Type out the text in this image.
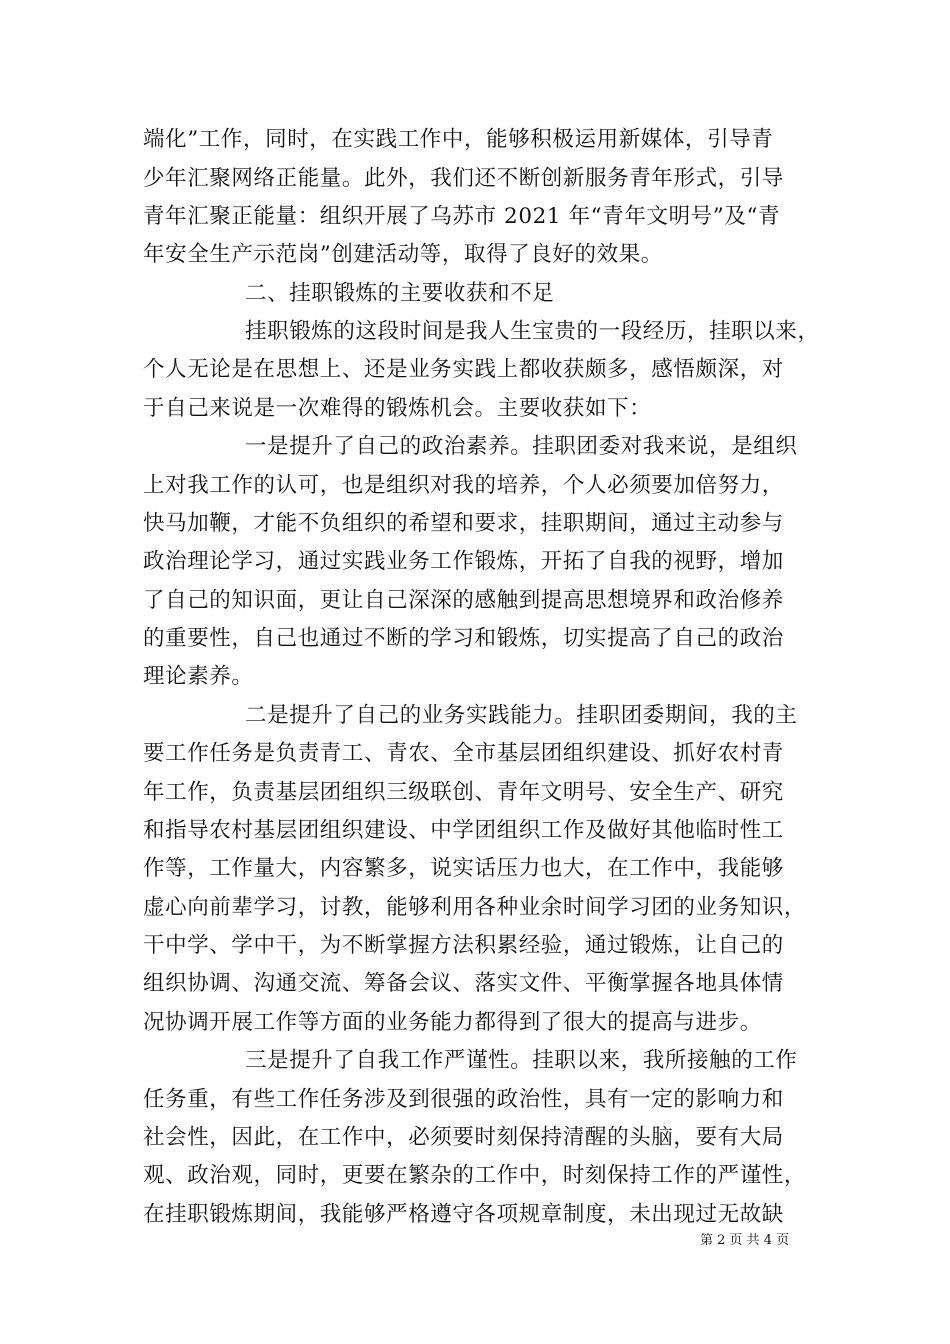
端化”工作，同时，在实践工作中，能够积极运用新媒体，引导青
少年汇聚网络正能量。此外，我们还不断创新服务青年形式，引导
青年汇聚正能量：组织开展了乌苏市 2021 年“青年文明号”及“青
年安全生产示范岗”创建活动等，取得了良好的效果。
二、挂职锻炼的主要收获和不足
挂职锻炼的这段时间是我人生宝贵的一段经历，挂职以来，
个人无论是在思想上、还是业务实践上都收获颇多，感悟颇深，对
于自己来说是一次难得的锻炼机会。主要收获如下：
一是提升了自己的政治素养。挂职团委对我来说，是组织
上对我工作的认可，也是组织对我的培养，个人必须要加倍努力，
快马加鞭，才能不负组织的希望和要求，挂职期间，通过主动参与
政治理论学习，通过实践业务工作锻炼，开拓了自我的视野，增加
了自己的知识面，更让自己深深的感触到提高思想境界和政治修养
的重要性，自己也通过不断的学习和锻炼，切实提高了自己的政治
理论素养。
二是提升了自己的业务实践能力。挂职团委期间，我的主
要工作任务是负责青工、青农、全市基层团组织建设、抓好农村青
年工作，负责基层团组织三级联创、青年文明号、安全生产、研究
和指导农村基层团组织建设、中学团组织工作及做好其他临时性工
作等，工作量大，内容繁多，说实话压力也大，在工作中，我能够
虚心向前辈学习，讨教，能够利用各种业余时间学习团的业务知识，
干中学、学中干，为不断掌握方法积累经验，通过锻炼，让自己的
组织协调、沟通交流、筹备会议、落实文件、平衡掌握各地具体情
况协调开展工作等方面的业务能力都得到了很大的提高与进步。
三是提升了自我工作严谨性。挂职以来，我所接触的工作
任务重，有些工作任务涉及到很强的政治性，具有一定的影响力和
社会性，因此，在工作中，必须要时刻保持清醒的头脑，要有大局
观、政治观，同时，更要在繁杂的工作中，时刻保持工作的严谨性，
在挂职锻炼期间，我能够严格遵守各项规章制度，未出现过无故缺
第 2 页 共 4 页
